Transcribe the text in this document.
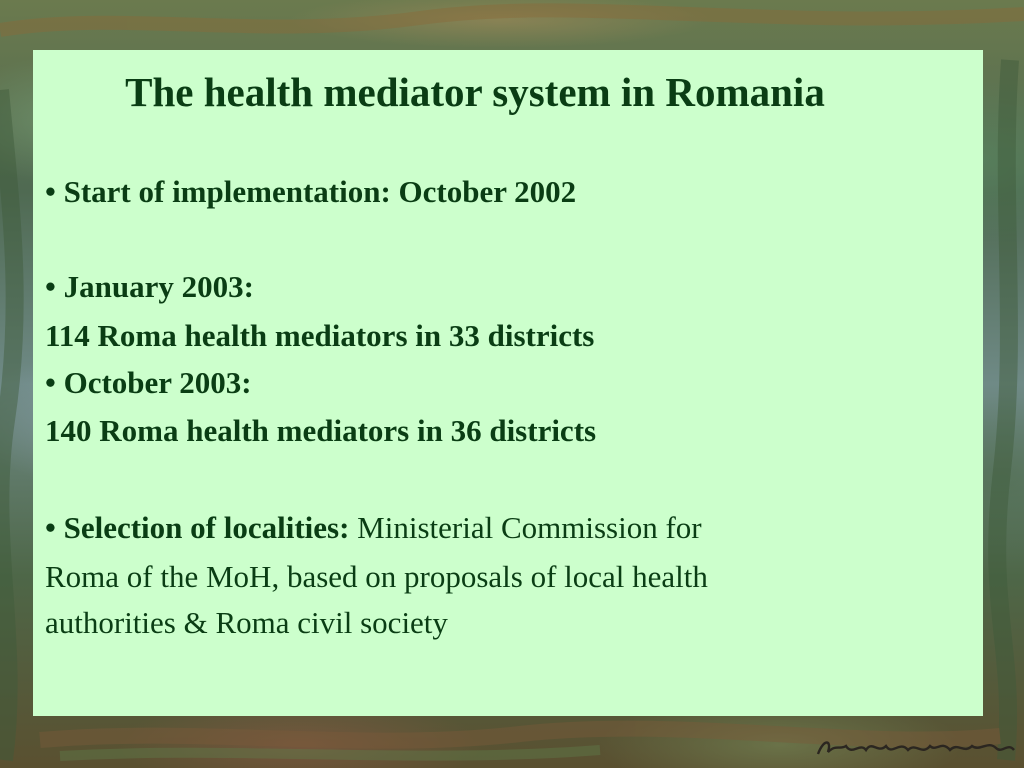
The health mediator system in Romania

• Start of implementation: October 2002

• January 2003:

114 Roma health mediators in 33 districts

• October 2003:

140 Roma health mediators in 36 districts

• Selection of localities: Ministerial Commission for

Roma of the MoH, based on proposals of local health

authorities & Roma civil society
